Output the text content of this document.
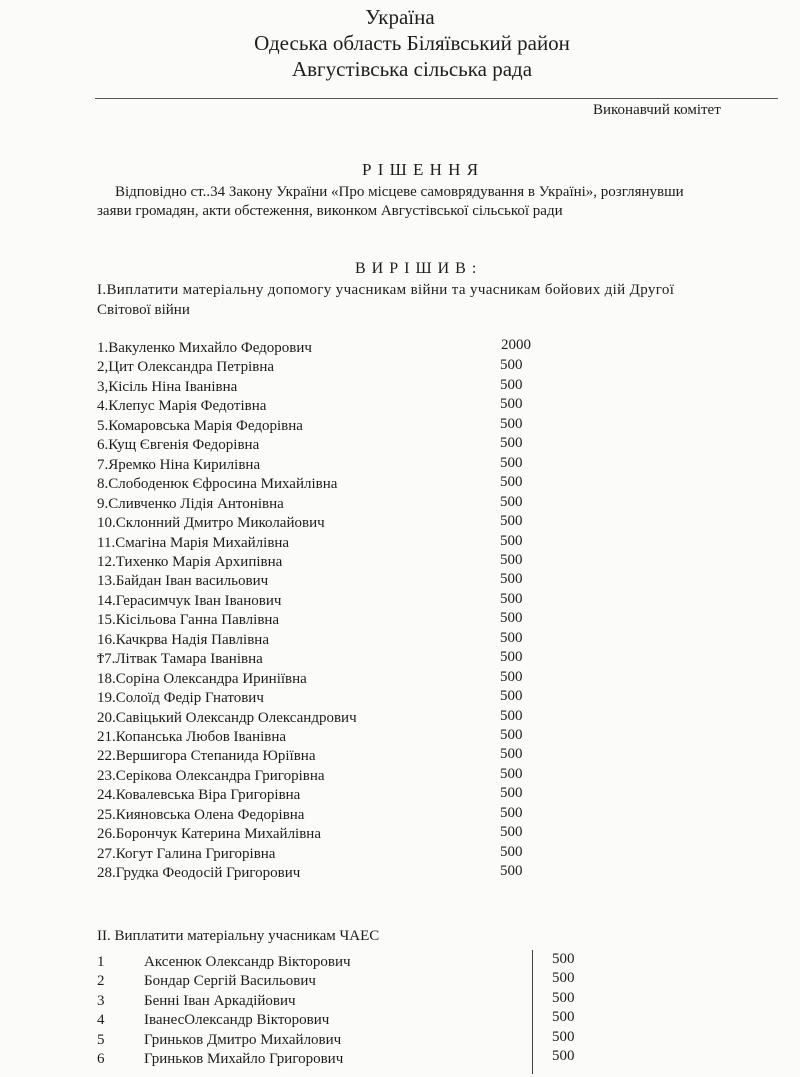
Україна
Одеська область Біляївський район
Августівська сільська рада
Виконавчий комітет
Р І Ш Е Н Н Я
Відповідно ст..34 Закону України «Про місцеве самоврядування в Україні», розглянувши
заяви громадян, акти обстеження, виконком Августівської сільської ради
В И Р І Ш И В :
І.Виплатити матеріальну допомогу учасникам війни та учасникам бойових дій Другої
Світової війни
1.Вакуленко Михайло Федорович	2000
2,Цит Олександра Петрівна	500
3,Кісіль Ніна Іванівна	500
4.Клепус Марія Федотівна	500
5.Комаровська Марія Федорівна	500
6.Кущ Євгенія Федорівна	500
7.Яремко Ніна Кирилівна	500
8.Слободенюк Єфросина Михайлівна	500
9.Сливченко Лідія Антонівна	500
10.Склонний Дмитро Миколайович	500
11.Смагіна Марія Михайлівна	500
12.Тихенко Марія Архипівна	500
13.Байдан Іван васильович	500
14.Герасимчук Іван Іванович	500
15.Кісільова Ганна Павлівна	500
16.Качкрва Надія Павлівна	500
Ϯ7.Літвак Тамара Іванівна	500
18.Соріна Олександра Ириніївна	500
19.Солоїд Федір Гнатович	500
20.Савіцький Олександр Олександрович	500
21.Копанська Любов Іванівна	500
22.Вершигора Степанида Юріївна	500
23.Серікова Олександра Григорівна	500
24.Ковалевська Віра Григорівна	500
25.Кияновська Олена Федорівна	500
26.Борончук Катерина Михайлівна	500
27.Когут Галина Григорівна	500
28.Грудка Феодосій Григорович	500
ІІ. Виплатити матеріальну учасникам ЧАЕС
1	Аксенюк Олександр Вікторович	500
2	Бондар Сергій Васильович	500
3	Бенні Іван Аркадійович	500
4	ІванесОлександр Вікторович	500
5	Гриньков Дмитро Михайлович	500
6	Гриньков Михайло Григорович	500
